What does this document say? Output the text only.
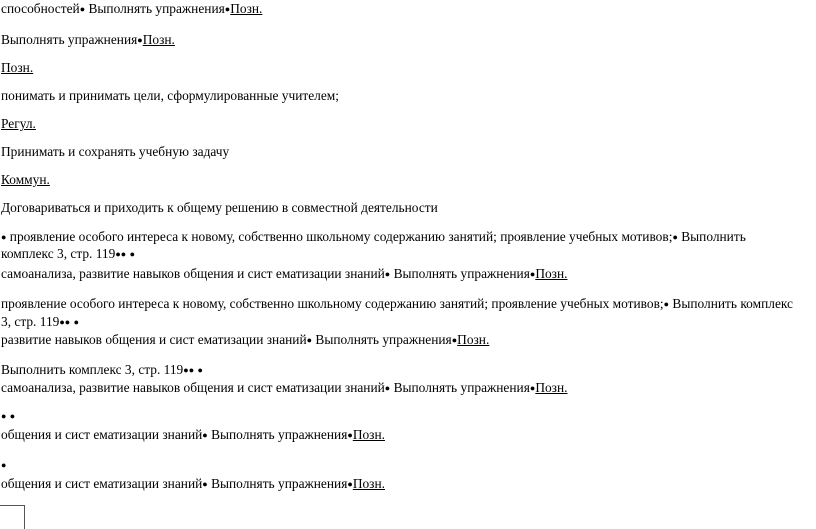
способностей● Выполнять упражнения●Позн.
Выполнять упражнения●Позн.
Позн.
понимать и принимать цели, сформулированные учителем;
Регул.
Принимать и сохранять учебную задачу
Коммун.
Договариваться и приходить к общему решению в совместной деятельности
● проявление особого интереса к новому, собственно школьному содержанию занятий; проявление учебных мотивов;● Выполнить
комплекс 3, стр. 119●● ●
самоанализа, развитие навыков общения и сист ематизации знаний● Выполнять упражнения●Позн.
проявление особого интереса к новому, собственно школьному содержанию занятий; проявление учебных мотивов;● Выполнить комплекс
3, стр. 119●● ●
развитие навыков общения и сист ематизации знаний● Выполнять упражнения●Позн.
Выполнить комплекс 3, стр. 119●● ●
самоанализа, развитие навыков общения и сист ематизации знаний● Выполнять упражнения●Позн.
● ●
общения и сист ематизации знаний● Выполнять упражнения●Позн.
●
общения и сист ематизации знаний● Выполнять упражнения●Позн.
